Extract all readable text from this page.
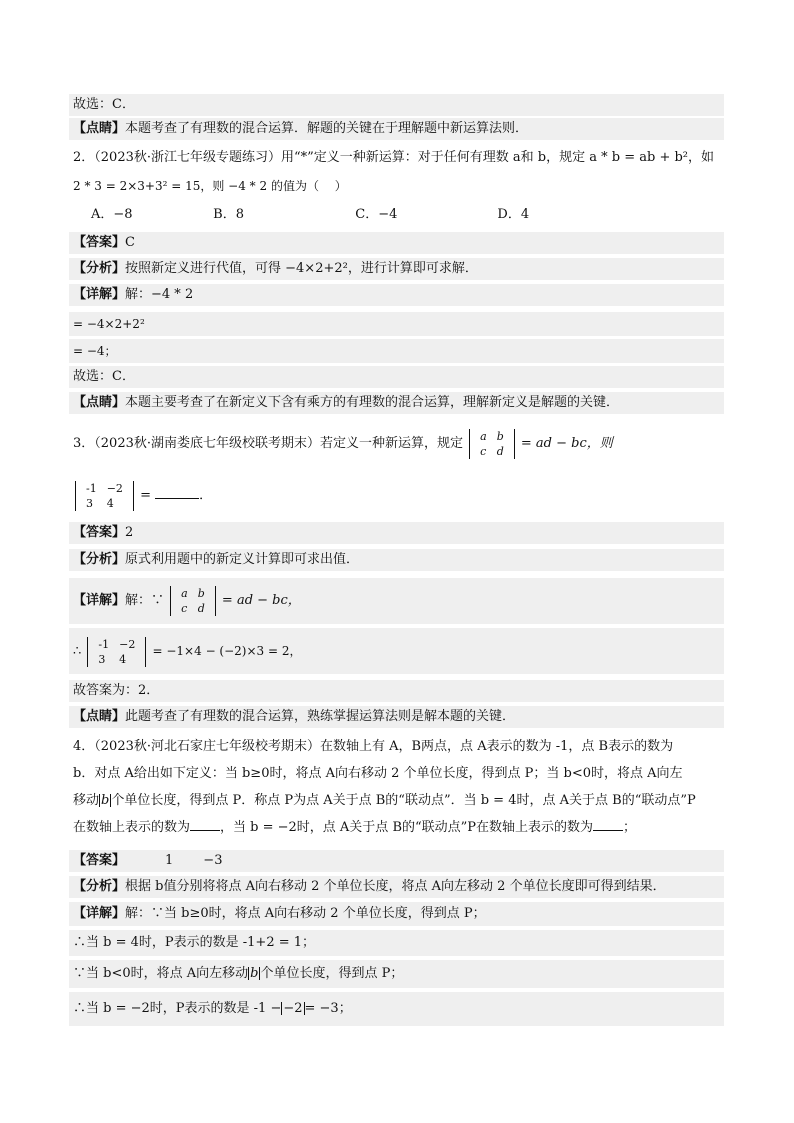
故选：C．
【点睛】本题考查了有理数的混合运算．解题的关键在于理解题中新运算法则．
2．（2023秋·浙江七年级专题练习）用“*”定义一种新运算：对于任何有理数 a和 b，规定 a * b = ab + b²，如
2 * 3 = 2×3+3² = 15，则 −4 * 2 的值为（　 ）
A．−8	B．8	C．−4	D．4
【答案】C
【分析】按照新定义进行代值，可得 −4×2+2²，进行计算即可求解．
【详解】解：−4 * 2
= −4×2+2²
= −4；
故选：C．
【点睛】本题主要考查了在新定义下含有乘方的有理数的混合运算，理解新定义是解题的关键．
3．（2023秋·湖南娄底七年级校联考期末）若定义一种新运算，规定 a	b
c	d = ad − bc，则
-1	−2
3	4 =	．
【答案】2
【分析】原式利用题中的新定义计算即可求出值．
【详解】解：∵ a	b
c	d = ad − bc，
∴ -1	−2
3	4
= −1×4 − (−2)×3 = 2，
故答案为：2．
【点睛】此题考查了有理数的混合运算，熟练掌握运算法则是解本题的关键．
4．（2023秋·河北石家庄七年级校考期末）在数轴上有 A，B两点，点 A表示的数为 -1，点 B表示的数为
b．对点 A给出如下定义：当 b≥0时，将点 A向右移动 2 个单位长度，得到点 P；当 b<0时，将点 A向左
移动 b 个单位长度，得到点 P．称点 P为点 A关于点 B的“联动点”．当 b = 4时，点 A关于点 B的“联动点”P
在数轴上表示的数为 ，当 b = −2时，点 A关于点 B的“联动点”P在数轴上表示的数为 ；
【答案】	1 −3
【分析】根据 b值分别将将点 A向右移动 2 个单位长度，将点 A向左移动 2 个单位长度即可得到结果．
【详解】解：∵当 b≥0时，将点 A向右移动 2 个单位长度，得到点 P；
∴当 b = 4时，P表示的数是 -1+2 = 1；
∵当 b<0时，将点 A向左移动 b 个单位长度，得到点 P；
∴当 b = −2时，P表示的数是 -1 − −2 = −3；
